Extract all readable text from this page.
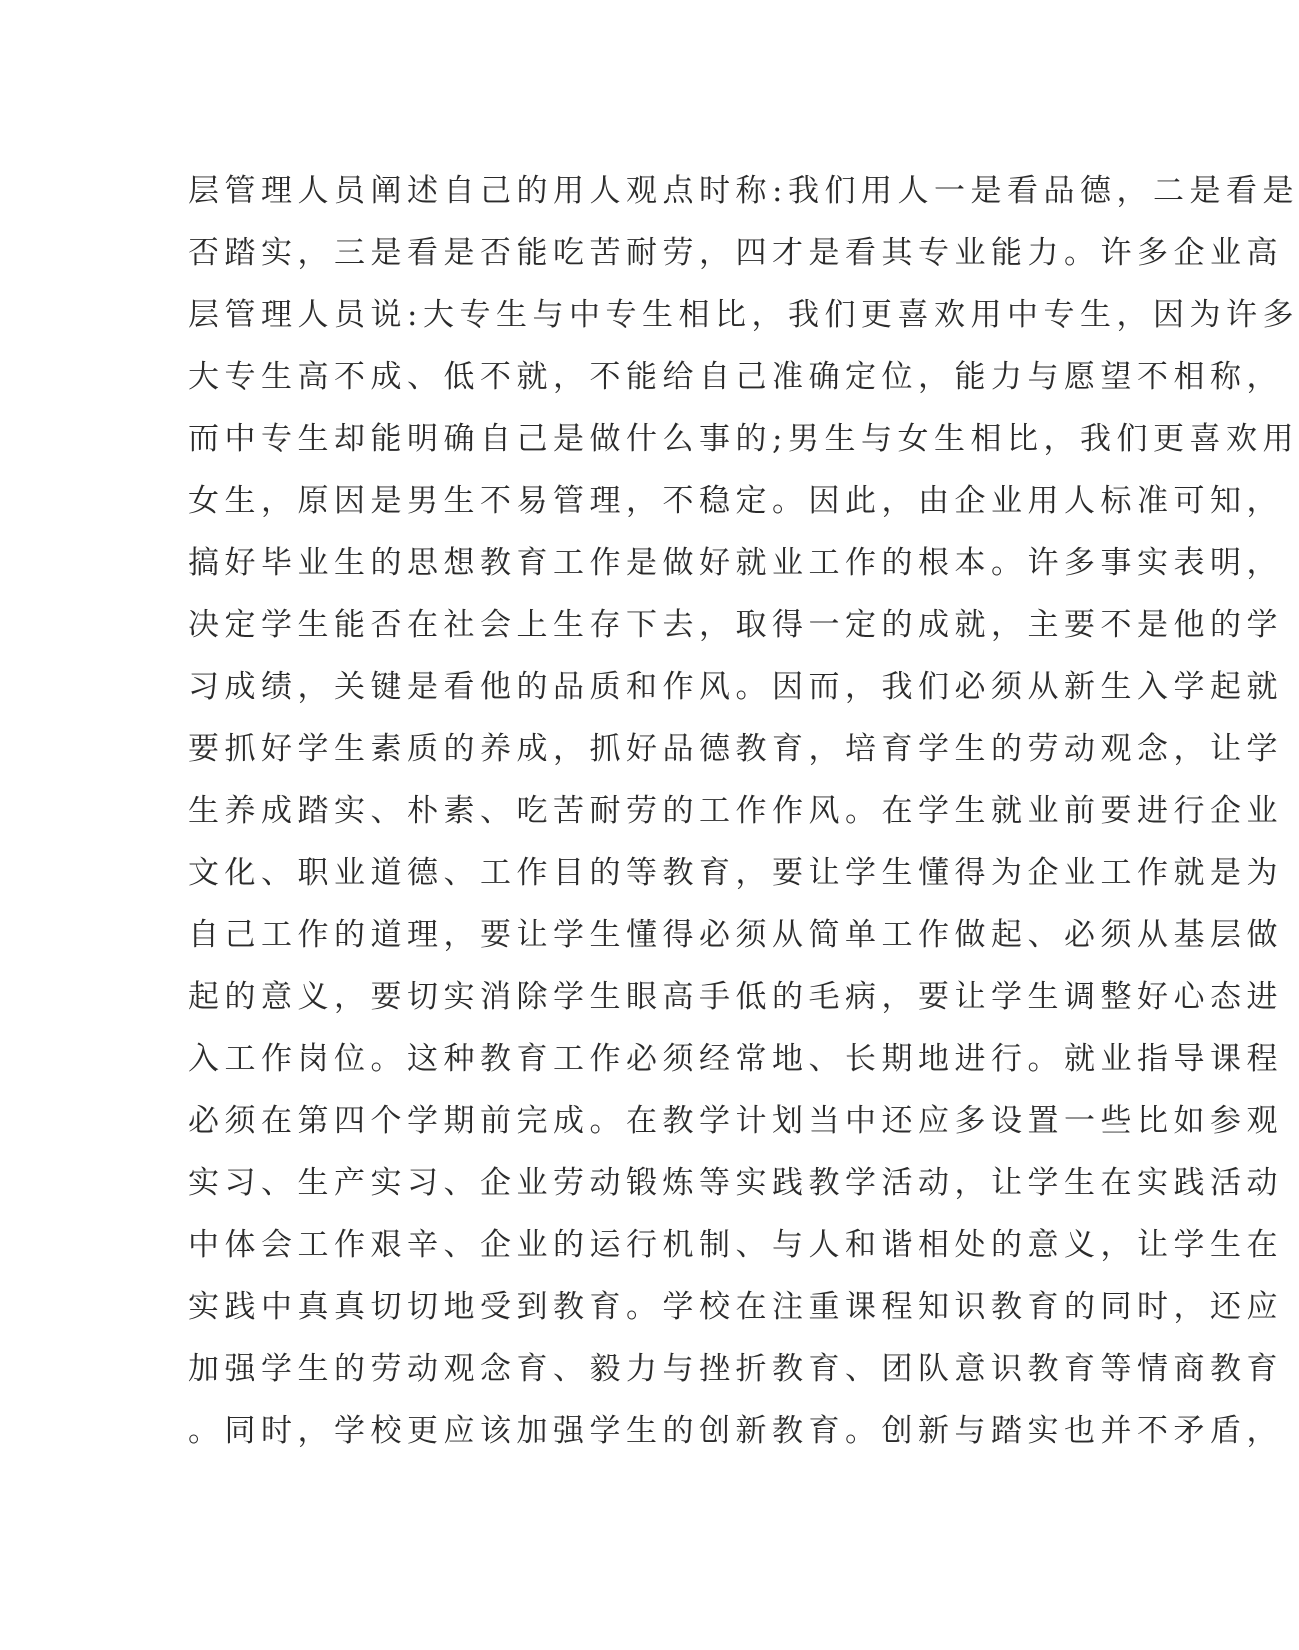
层管理人员阐述自己的用人观点时称:我们用人一是看品德，二是看是
否踏实，三是看是否能吃苦耐劳，四才是看其专业能力。许多企业高
层管理人员说:大专生与中专生相比，我们更喜欢用中专生，因为许多
大专生高不成、低不就，不能给自己准确定位，能力与愿望不相称，
而中专生却能明确自己是做什么事的;男生与女生相比，我们更喜欢用
女生，原因是男生不易管理，不稳定。因此，由企业用人标准可知，
搞好毕业生的思想教育工作是做好就业工作的根本。许多事实表明，
决定学生能否在社会上生存下去，取得一定的成就，主要不是他的学
习成绩，关键是看他的品质和作风。因而，我们必须从新生入学起就
要抓好学生素质的养成，抓好品德教育，培育学生的劳动观念，让学
生养成踏实、朴素、吃苦耐劳的工作作风。在学生就业前要进行企业
文化、职业道德、工作目的等教育，要让学生懂得为企业工作就是为
自己工作的道理，要让学生懂得必须从简单工作做起、必须从基层做
起的意义，要切实消除学生眼高手低的毛病，要让学生调整好心态进
入工作岗位。这种教育工作必须经常地、长期地进行。就业指导课程
必须在第四个学期前完成。在教学计划当中还应多设置一些比如参观
实习、生产实习、企业劳动锻炼等实践教学活动，让学生在实践活动
中体会工作艰辛、企业的运行机制、与人和谐相处的意义，让学生在
实践中真真切切地受到教育。学校在注重课程知识教育的同时，还应
加强学生的劳动观念育、毅力与挫折教育、团队意识教育等情商教育
。同时，学校更应该加强学生的创新教育。创新与踏实也并不矛盾，
